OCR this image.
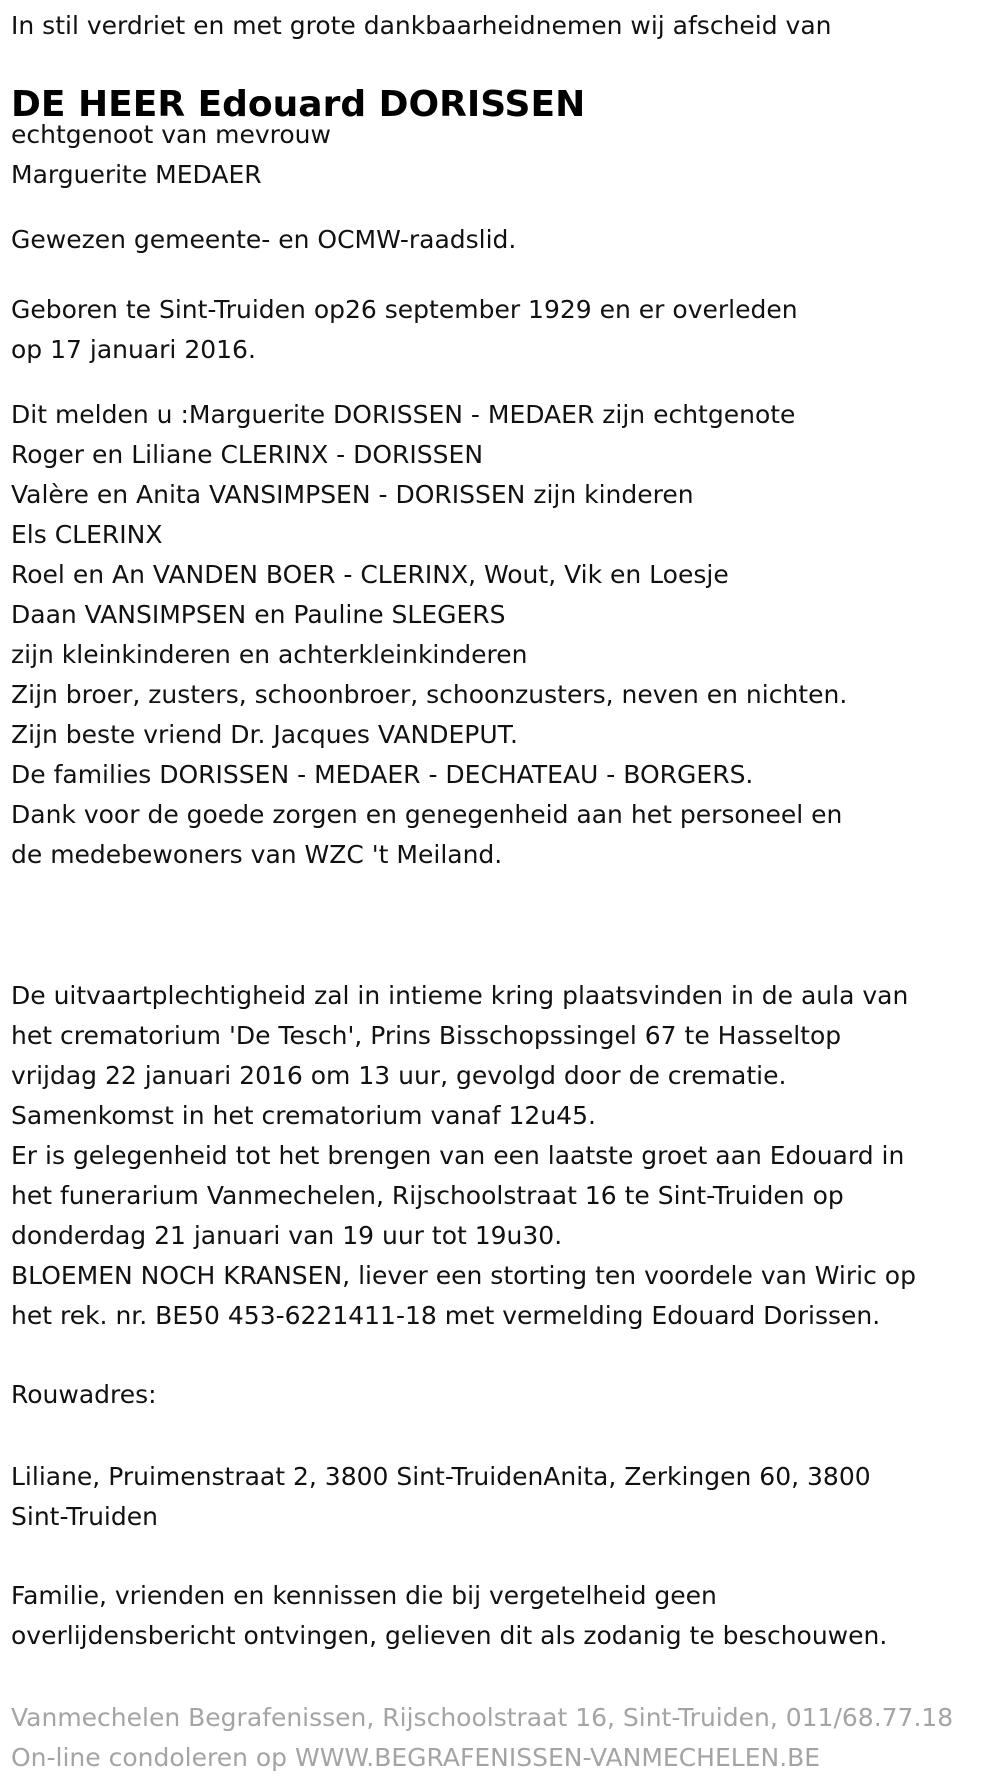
In stil verdriet en met grote dankbaarheidnemen wij afscheid van
DE HEER Edouard DORISSEN
echtgenoot van mevrouw
Marguerite MEDAER
Gewezen gemeente- en OCMW-raadslid.
Geboren te Sint-Truiden op26 september 1929 en er overleden
op 17 januari 2016.
Dit melden u :Marguerite DORISSEN - MEDAER zijn echtgenote
Roger en Liliane CLERINX - DORISSEN
Valère en Anita VANSIMPSEN - DORISSEN zijn kinderen
Els CLERINX
Roel en An VANDEN BOER - CLERINX, Wout, Vik en Loesje
Daan VANSIMPSEN en Pauline SLEGERS
zijn kleinkinderen en achterkleinkinderen
Zijn broer, zusters, schoonbroer, schoonzusters, neven en nichten.
Zijn beste vriend Dr. Jacques VANDEPUT.
De families DORISSEN - MEDAER - DECHATEAU - BORGERS.
Dank voor de goede zorgen en genegenheid aan het personeel en
de medebewoners van WZC 't Meiland.
De uitvaartplechtigheid zal in intieme kring plaatsvinden in de aula van
het crematorium 'De Tesch', Prins Bisschopssingel 67 te Hasseltop
vrijdag 22 januari 2016 om 13 uur, gevolgd door de crematie.
Samenkomst in het crematorium vanaf 12u45.
Er is gelegenheid tot het brengen van een laatste groet aan Edouard in
het funerarium Vanmechelen, Rijschoolstraat 16 te Sint-Truiden op
donderdag 21 januari van 19 uur tot 19u30.
BLOEMEN NOCH KRANSEN, liever een storting ten voordele van Wiric op
het rek. nr. BE50 453-6221411-18 met vermelding Edouard Dorissen.
Rouwadres:
Liliane, Pruimenstraat 2, 3800 Sint-TruidenAnita, Zerkingen 60, 3800
Sint-Truiden
Familie, vrienden en kennissen die bij vergetelheid geen
overlijdensbericht ontvingen, gelieven dit als zodanig te beschouwen.
Vanmechelen Begrafenissen, Rijschoolstraat 16, Sint-Truiden, 011/68.77.18
On-line condoleren op WWW.BEGRAFENISSEN-VANMECHELEN.BE
